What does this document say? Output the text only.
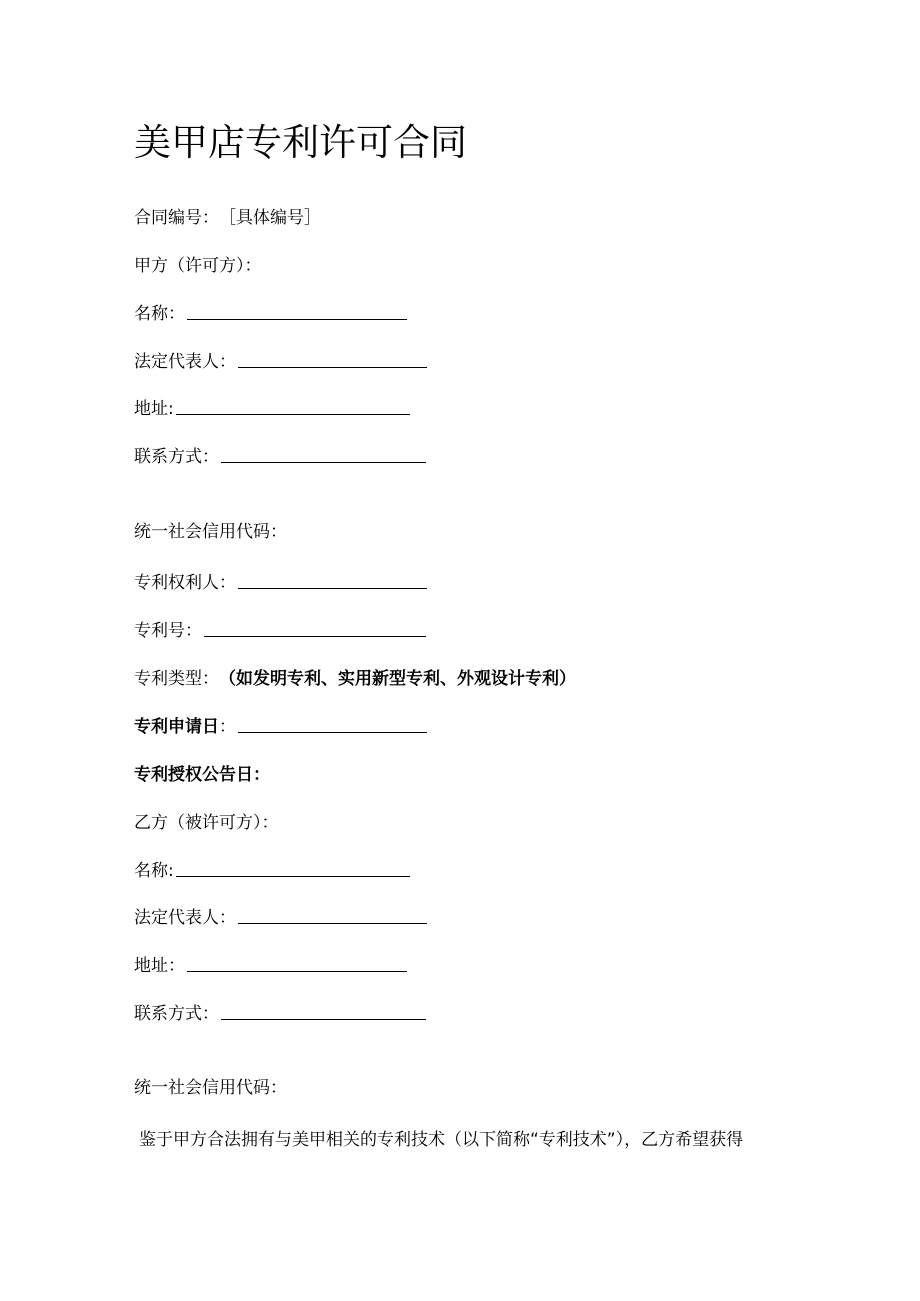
美甲店专利许可合同
合同编号： ［具体编号］
甲方（许可方）：
名称：
法定代表人：
地址:
联系方式：
统一社会信用代码：
专利权利人：
专利号：
专利类型： （如发明专利、实用新型专利、外观设计专利）
专利申请日 ：
专利授权公告日：
乙方（被许可方）：
名称:
法定代表人：
地址：
联系方式：
统一社会信用代码：
鉴于甲方合法拥有与美甲相关的专利技术（以下简称“专利技术”），乙方希望获得
